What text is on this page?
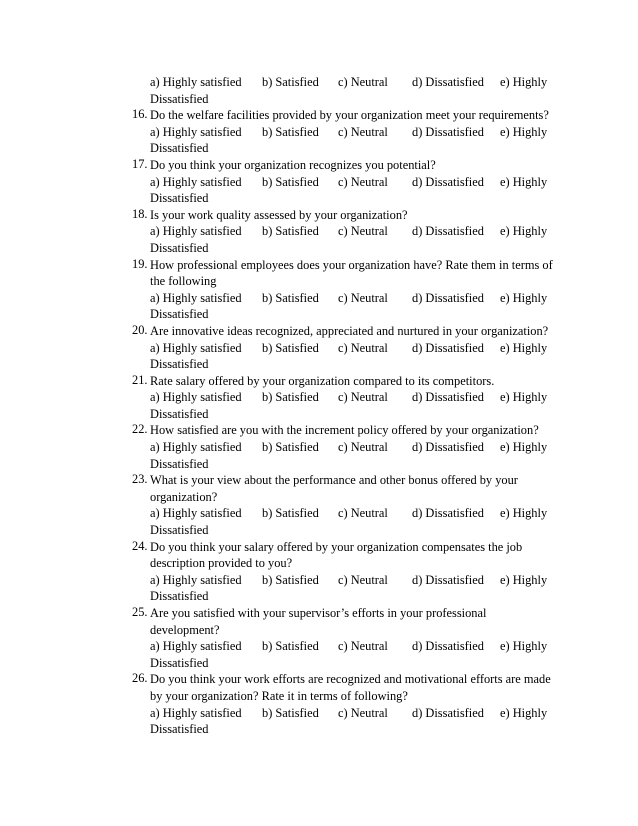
a) Highly satisfied b) Satisfied c) Neutral d) Dissatisfied e) Highly
Dissatisfied
16. Do the welfare facilities provided by your organization meet your requirements?
a) Highly satisfied b) Satisfied c) Neutral d) Dissatisfied e) Highly
Dissatisfied
17. Do you think your organization recognizes you potential?
a) Highly satisfied b) Satisfied c) Neutral d) Dissatisfied e) Highly
Dissatisfied
18. Is your work quality assessed by your organization?
a) Highly satisfied b) Satisfied c) Neutral d) Dissatisfied e) Highly
Dissatisfied
19. How professional employees does your organization have? Rate them in terms of
the following
a) Highly satisfied b) Satisfied c) Neutral d) Dissatisfied e) Highly
Dissatisfied
20. Are innovative ideas recognized, appreciated and nurtured in your organization?
a) Highly satisfied b) Satisfied c) Neutral d) Dissatisfied e) Highly
Dissatisfied
21. Rate salary offered by your organization compared to its competitors.
a) Highly satisfied b) Satisfied c) Neutral d) Dissatisfied e) Highly
Dissatisfied
22. How satisfied are you with the increment policy offered by your organization?
a) Highly satisfied b) Satisfied c) Neutral d) Dissatisfied e) Highly
Dissatisfied
23. What is your view about the performance and other bonus offered by your
organization?
a) Highly satisfied b) Satisfied c) Neutral d) Dissatisfied e) Highly
Dissatisfied
24. Do you think your salary offered by your organization compensates the job
description provided to you?
a) Highly satisfied b) Satisfied c) Neutral d) Dissatisfied e) Highly
Dissatisfied
25. Are you satisfied with your supervisor’s efforts in your professional
development?
a) Highly satisfied b) Satisfied c) Neutral d) Dissatisfied e) Highly
Dissatisfied
26. Do you think your work efforts are recognized and motivational efforts are made
by your organization? Rate it in terms of following?
a) Highly satisfied b) Satisfied c) Neutral d) Dissatisfied e) Highly
Dissatisfied
